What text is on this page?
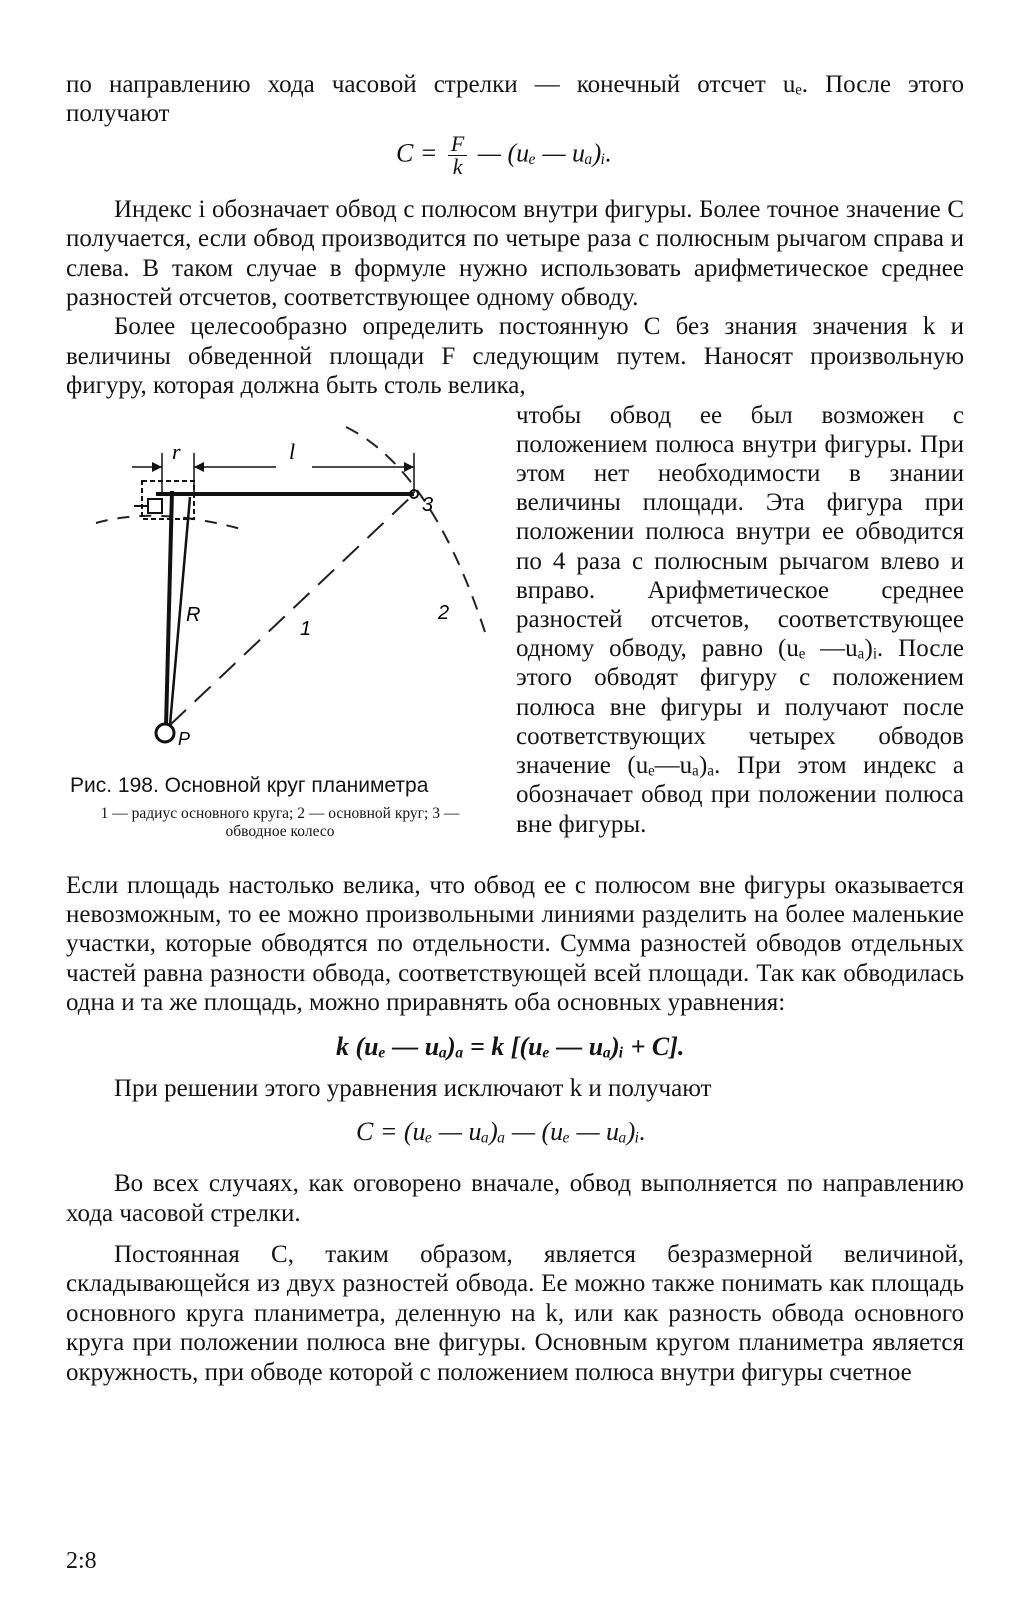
по направлению хода часовой стрелки — конечный отсчет uₑ. После этого получают

$C = \frac{F}{k}$ — (uₑ — uₐ)ᵢ.

Индекс i обозначает обвод с полюсом внутри фигуры. Более точное значение C получается, если обвод производится по четыре раза с полюсным рычагом справа и слева. В таком случае в формуле нужно использовать арифметическое среднее разностей отсчетов, соответствующее одному обводу.

Более целесообразно определить постоянную C без знания значения k и величины обведенной площади F следующим путем. Наносят произвольную фигуру, которая должна быть столь велика,

r	l
3
2
1
R
P
Рис. 198. Основной круг планиметра
1 — радиус основного круга; 2 — основной круг; 3 — обводное колесо

чтобы обвод ее был возможен с положением полюса внутри фигуры. При этом нет необходимости в знании величины площади. Эта фигура при положении полюса внутри ее обводится по 4 раза с полюсным рычагом влево и вправо. Арифметическое среднее разностей отсчетов, соответствующее одному обводу, равно (uₑ —uₐ)ᵢ. После этого обводят фигуру с положением полюса вне фигуры и получают после соответствующих четырех обводов значение (uₑ—uₐ)ₐ. При этом индекс a обозначает обвод при положении полюса вне фигуры.

Если площадь настолько велика, что обвод ее с полюсом вне фигуры оказывается невозможным, то ее можно произвольными линиями разделить на более маленькие участки, которые обводятся по отдельности. Сумма разностей обводов отдельных частей равна разности обвода, соответствующей всей площади. Так как обводилась одна и та же площадь, можно приравнять оба основных уравнения:

k (uₑ — uₐ)ₐ = k [(uₑ — uₐ)ᵢ + C].

При решении этого уравнения исключают k и получают

C = (uₑ — uₐ)ₐ — (uₑ — uₐ)ᵢ.

Во всех случаях, как оговорено вначале, обвод выполняется по направлению хода часовой стрелки.

Постоянная C, таким образом, является безразмерной величиной, складывающейся из двух разностей обвода. Ее можно также понимать как площадь основного круга планиметра, деленную на k, или как разность обвода основного круга при положении полюса вне фигуры. Основным кругом планиметра является окружность, при обводе которой с положением полюса внутри фигуры счетное

2:8
